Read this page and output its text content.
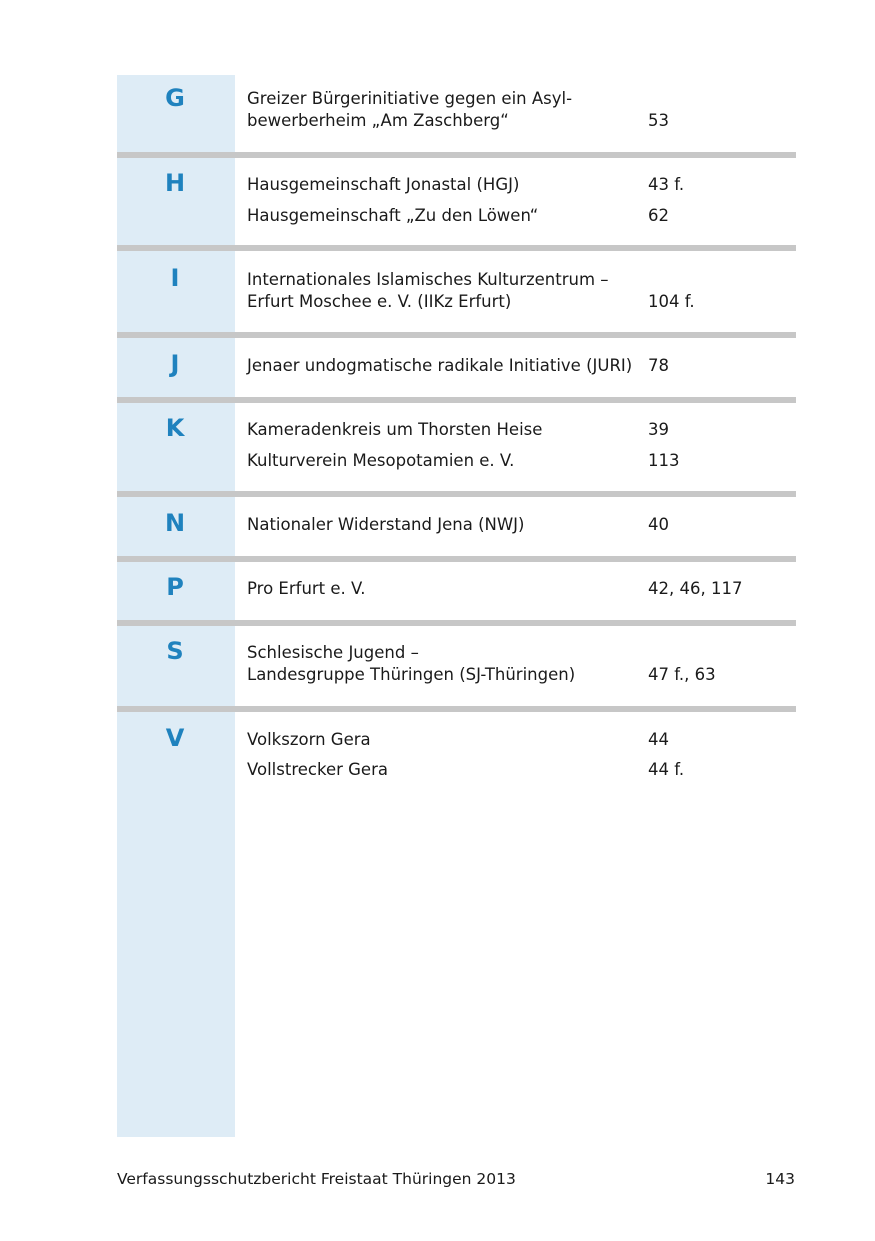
G	Greizer Bürgerinitiative gegen ein Asyl-
bewerberheim „Am Zaschberg“	53
H	Hausgemeinschaft Jonastal (HGJ)	43 f.
Hausgemeinschaft „Zu den Löwen“	62
I	Internationales Islamisches Kulturzentrum –
Erfurt Moschee e. V. (IIKz Erfurt)	104 f.
J	Jenaer undogmatische radikale Initiative (JURI) 78
K	Kameradenkreis um Thorsten Heise	39
Kulturverein Mesopotamien e. V.	113
N	Nationaler Widerstand Jena (NWJ)	40
P	Pro Erfurt e. V.	42, 46, 117
S	Schlesische Jugend –
Landesgruppe Thüringen (SJ-Thüringen)	47 f., 63
V	Volkszorn Gera	44
Vollstrecker Gera	44 f.
Verfassungsschutzbericht Freistaat Thüringen 2013	143
